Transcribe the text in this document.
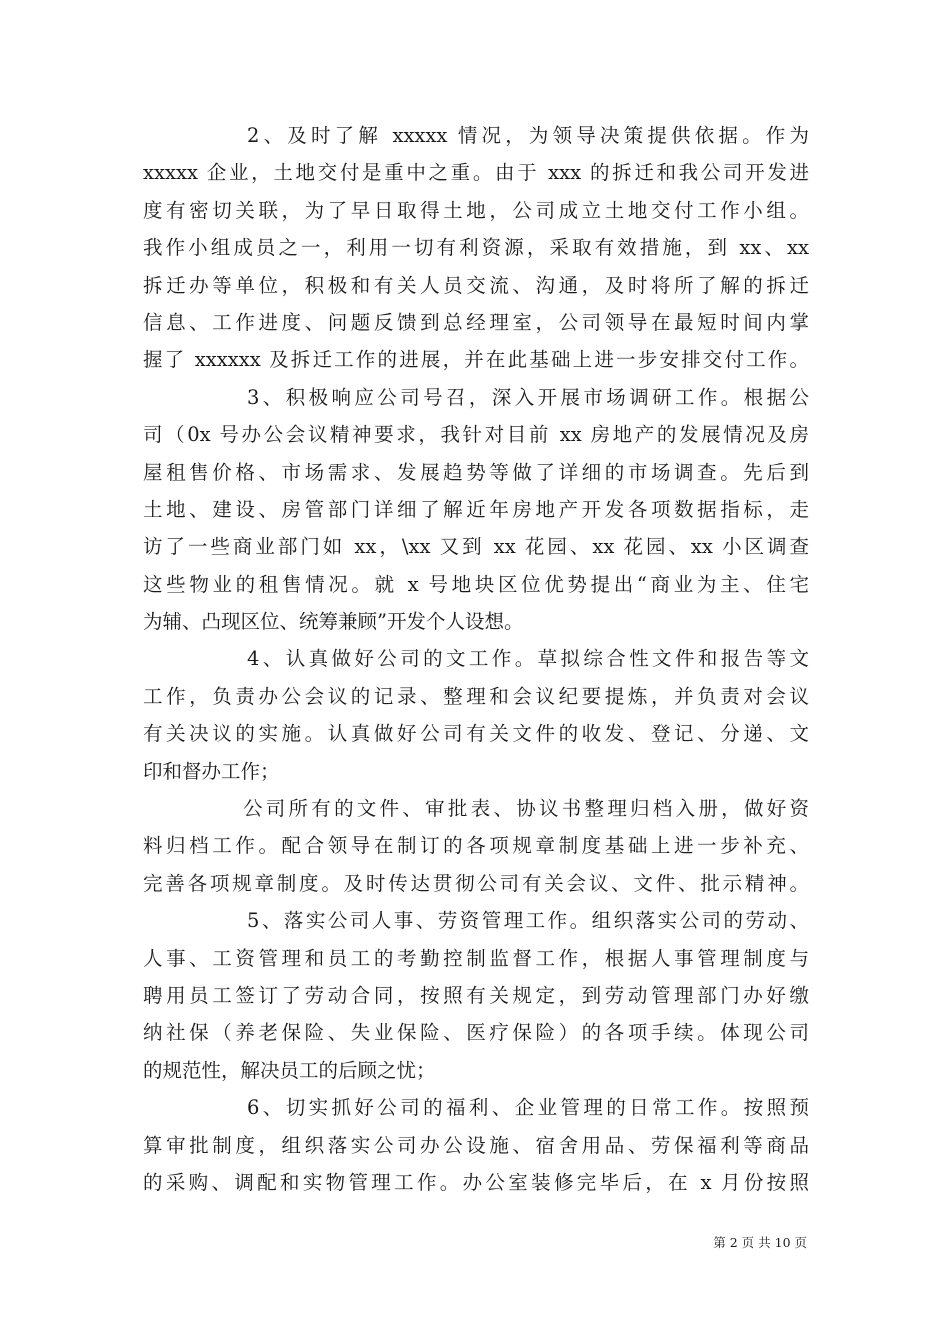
2、及时了解 xxxxx 情况，为领导决策提供依据。作为
xxxxx 企业，土地交付是重中之重。由于 xxx 的拆迁和我公司开发进
度有密切关联，为了早日取得土地，公司成立土地交付工作小组。
我作小组成员之一，利用一切有利资源，采取有效措施，到 xx、xx
拆迁办等单位，积极和有关人员交流、沟通，及时将所了解的拆迁
信息、工作进度、问题反馈到总经理室，公司领导在最短时间内掌
握了 xxxxxx 及拆迁工作的进展，并在此基础上进一步安排交付工作。
3、积极响应公司号召，深入开展市场调研工作。根据公
司（0x 号办公会议精神要求，我针对目前 xx 房地产的发展情况及房
屋租售价格、市场需求、发展趋势等做了详细的市场调查。先后到
土地、建设、房管部门详细了解近年房地产开发各项数据指标，走
访了一些商业部门如 xx，\xx 又到 xx 花园、xx 花园、xx 小区调查
这些物业的租售情况。就 x 号地块区位优势提出“商业为主、住宅
为辅、凸现区位、统筹兼顾”开发个人设想。
4、认真做好公司的文工作。草拟综合性文件和报告等文
工作，负责办公会议的记录、整理和会议纪要提炼，并负责对会议
有关决议的实施。认真做好公司有关文件的收发、登记、分递、文
印和督办工作；
公司所有的文件、审批表、协议书整理归档入册，做好资
料归档工作。配合领导在制订的各项规章制度基础上进一步补充、
完善各项规章制度。及时传达贯彻公司有关会议、文件、批示精神。
5、落实公司人事、劳资管理工作。组织落实公司的劳动、
人事、工资管理和员工的考勤控制监督工作，根据人事管理制度与
聘用员工签订了劳动合同，按照有关规定，到劳动管理部门办好缴
纳社保（养老保险、失业保险、医疗保险）的各项手续。体现公司
的规范性，解决员工的后顾之忧；
6、切实抓好公司的福利、企业管理的日常工作。按照预
算审批制度，组织落实公司办公设施、宿舍用品、劳保福利等商品
的采购、调配和实物管理工作。办公室装修完毕后，在 x 月份按照
第 2 页 共 10 页
